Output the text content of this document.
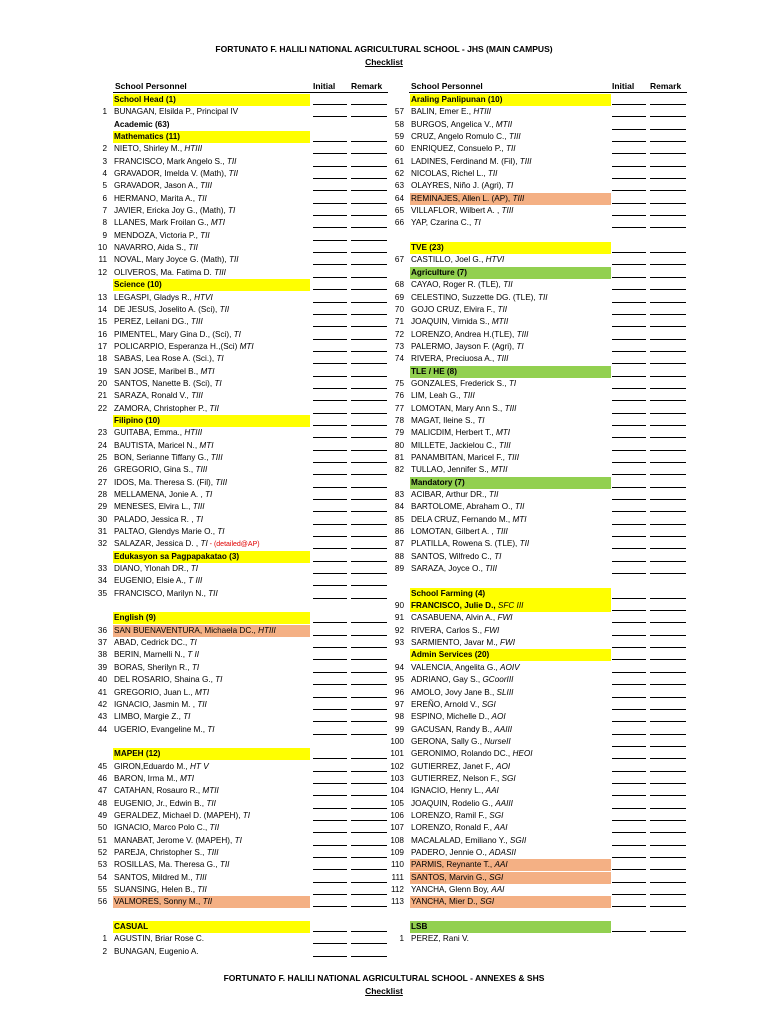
FORTUNATO F. HALILI NATIONAL AGRICULTURAL SCHOOL - JHS (MAIN CAMPUS)
Checklist
School Personnel	Initial Remark	School Personnel	Initial Remark
School Head (1)
1 BUNAGAN, Elsilda P., Principal IV
Academic (63)
Mathematics (11)
2 NIETO, Shirley M., HTIII
3 FRANCISCO, Mark Angelo S., TII
4 GRAVADOR, Imelda V. (Math), TII
5 GRAVADOR, Jason A., TIII
6 HERMANO, Marita A., TII
7 JAVIER, Ericka Joy G., (Math), TI
8 LLANES, Mark Froilan G., MTI
9 MENDOZA, Victoria P., TII
10 NAVARRO, Aida S., TII
11 NOVAL, Mary Joyce G. (Math), TII
12 OLIVEROS, Ma. Fatima D. TIII
Science (10)
13 LEGASPI, Gladys R., HTVI
14 DE JESUS, Joselito A. (Sci), TII
15 PEREZ, Leilani DG., TIII
16 PIMENTEL, Mary Gina D., (Sci), TI
17 POLICARPIO, Esperanza H.,(Sci) MTI
18 SABAS, Lea Rose A. (Sci.), TI
19 SAN JOSE, Maribel B., MTI
20 SANTOS, Nanette B. (Sci), TI
21 SARAZA, Ronald V., TIII
22 ZAMORA, Christopher P., TII
Filipino (10)
23 GUITABA, Emma., HTIII
24 BAUTISTA, Maricel N., MTI
25 BON, Serianne Tiffany G., TIII
26 GREGORIO, Gina S., TIII
27 IDOS, Ma. Theresa S. (Fil), TIII
28 MELLAMENA, Jonie A. , TI
29 MENESES, Elvira L., TIII
30 PALADO, Jessica R. , TI
31 PALTAO, Glendys Marie O., TI
32 SALAZAR, Jessica D. , TI - (detailed@AP)
Edukasyon sa Pagpapakatao (3)
33 DIANO, Ylonah DR., TI
34 EUGENIO, Elsie A., T III
35 FRANCISCO, Marilyn N., TII
English (9)
36 SAN BUENAVENTURA, Michaela DC., HTIII
37 ABAD, Cedrick DC., TI
38 BERIN, Marnelli N., T II
39 BORAS, Sherilyn R., TI
40 DEL ROSARIO, Shaina G., TI
41 GREGORIO, Juan L., MTI
42 IGNACIO, Jasmin M. , TII
43 LIMBO, Margie Z., TI
44 UGERIO, Evangeline M., TI
MAPEH (12)
45 GIRON,Eduardo M., HT V
46 BARON, Irma M., MTI
47 CATAHAN, Rosauro R., MTII
48 EUGENIO, Jr., Edwin B., TII
49 GERALDEZ, Michael D. (MAPEH), TI
50 IGNACIO, Marco Polo C., TII
51 MANABAT, Jerome V. (MAPEH), TI
52 PAREJA, Christopher S., TIII
53 ROSILLAS, Ma. Theresa G., TII
54 SANTOS, Mildred M., TIII
55 SUANSING, Helen B., TII
56 VALMORES, Sonny M., TII
CASUAL
1 AGUSTIN, Briar Rose C.
2 BUNAGAN, Eugenio A.
Araling Panlipunan (10)
57 BALIN, Emer E., HTIII
58 BURGOS, Angelica V., MTII
59 CRUZ, Angelo Romulo C., TIII
60 ENRIQUEZ, Consuelo P., TII
61 LADINES, Ferdinand M. (Fil), TIII
62 NICOLAS, Richel L., TII
63 OLAYRES, Niño J. (Agri), TI
64 REMINAJES, Allen L. (AP), TIII
65 VILLAFLOR, Wilbert A. , TIII
66 YAP, Czarina C., TI
TVE (23)
67 CASTILLO, Joel G., HTVI
Agriculture (7)
68 CAYAO, Roger R. (TLE), TII
69 CELESTINO, Suzzette DG. (TLE), TII
70 GOJO CRUZ, Elvira F., TII
71 JOAQUIN, Virnida S., MTII
72 LORENZO, Andrea H.(TLE), TIII
73 PALERMO, Jayson F. (Agri), TI
74 RIVERA, Preciuosa A., TIII
TLE / HE (8)
75 GONZALES, Frederick S., TI
76 LIM, Leah G., TIII
77 LOMOTAN, Mary Ann S., TIII
78 MAGAT, Ileine S., TI
79 MALICDIM, Herbert T., MTI
80 MILLETE, Jackielou C., TIII
81 PANAMBITAN, Maricel F., TIII
82 TULLAO, Jennifer S., MTII
Mandatory (7)
83 ACIBAR, Arthur DR., TII
84 BARTOLOME, Abraham O., TII
85 DELA CRUZ, Fernando M., MTI
86 LOMOTAN, Gilbert A. , TIII
87 PLATILLA, Rowena S. (TLE), TII
88 SANTOS, Wilfredo C., TI
89 SARAZA, Joyce O., TIII
School Farming (4)
90 FRANCISCO, Julie D., SFC III
91 CASABUENA, Alvin A., FWI
92 RIVERA, Carlos S., FWI
93 SARMIENTO, Javar M., FWI
Admin Services (20)
94 VALENCIA, Angelita G., AOIV
95 ADRIANO, Gay S., GCoorIII
96 AMOLO, Jovy Jane B., SLIII
97 EREÑO, Arnold V., SGI
98 ESPINO, Michelle D., AOI
99 GACUSAN, Randy B., AAIII
100 GERONA, Sally G., NurseII
101 GERONIMO, Rolando DC., HEOI
102 GUTIERREZ, Janet F., AOI
103 GUTIERREZ, Nelson F., SGI
104 IGNACIO, Henry L., AAI
105 JOAQUIN, Rodelio G., AAIII
106 LORENZO, Ramil F., SGI
107 LORENZO, Ronald F., AAI
108 MACALALAD, Emiliano Y., SGII
109 PADERO, Jennie O., ADASII
110 PARMIS, Reynante T., AAI
111 SANTOS, Marvin G., SGI
112 YANCHA, Glenn Boy, AAI
113 YANCHA, Mier D., SGI
LSB
1 PEREZ, Rani V.
FORTUNATO F. HALILI NATIONAL AGRICULTURAL SCHOOL - ANNEXES & SHS
Checklist
